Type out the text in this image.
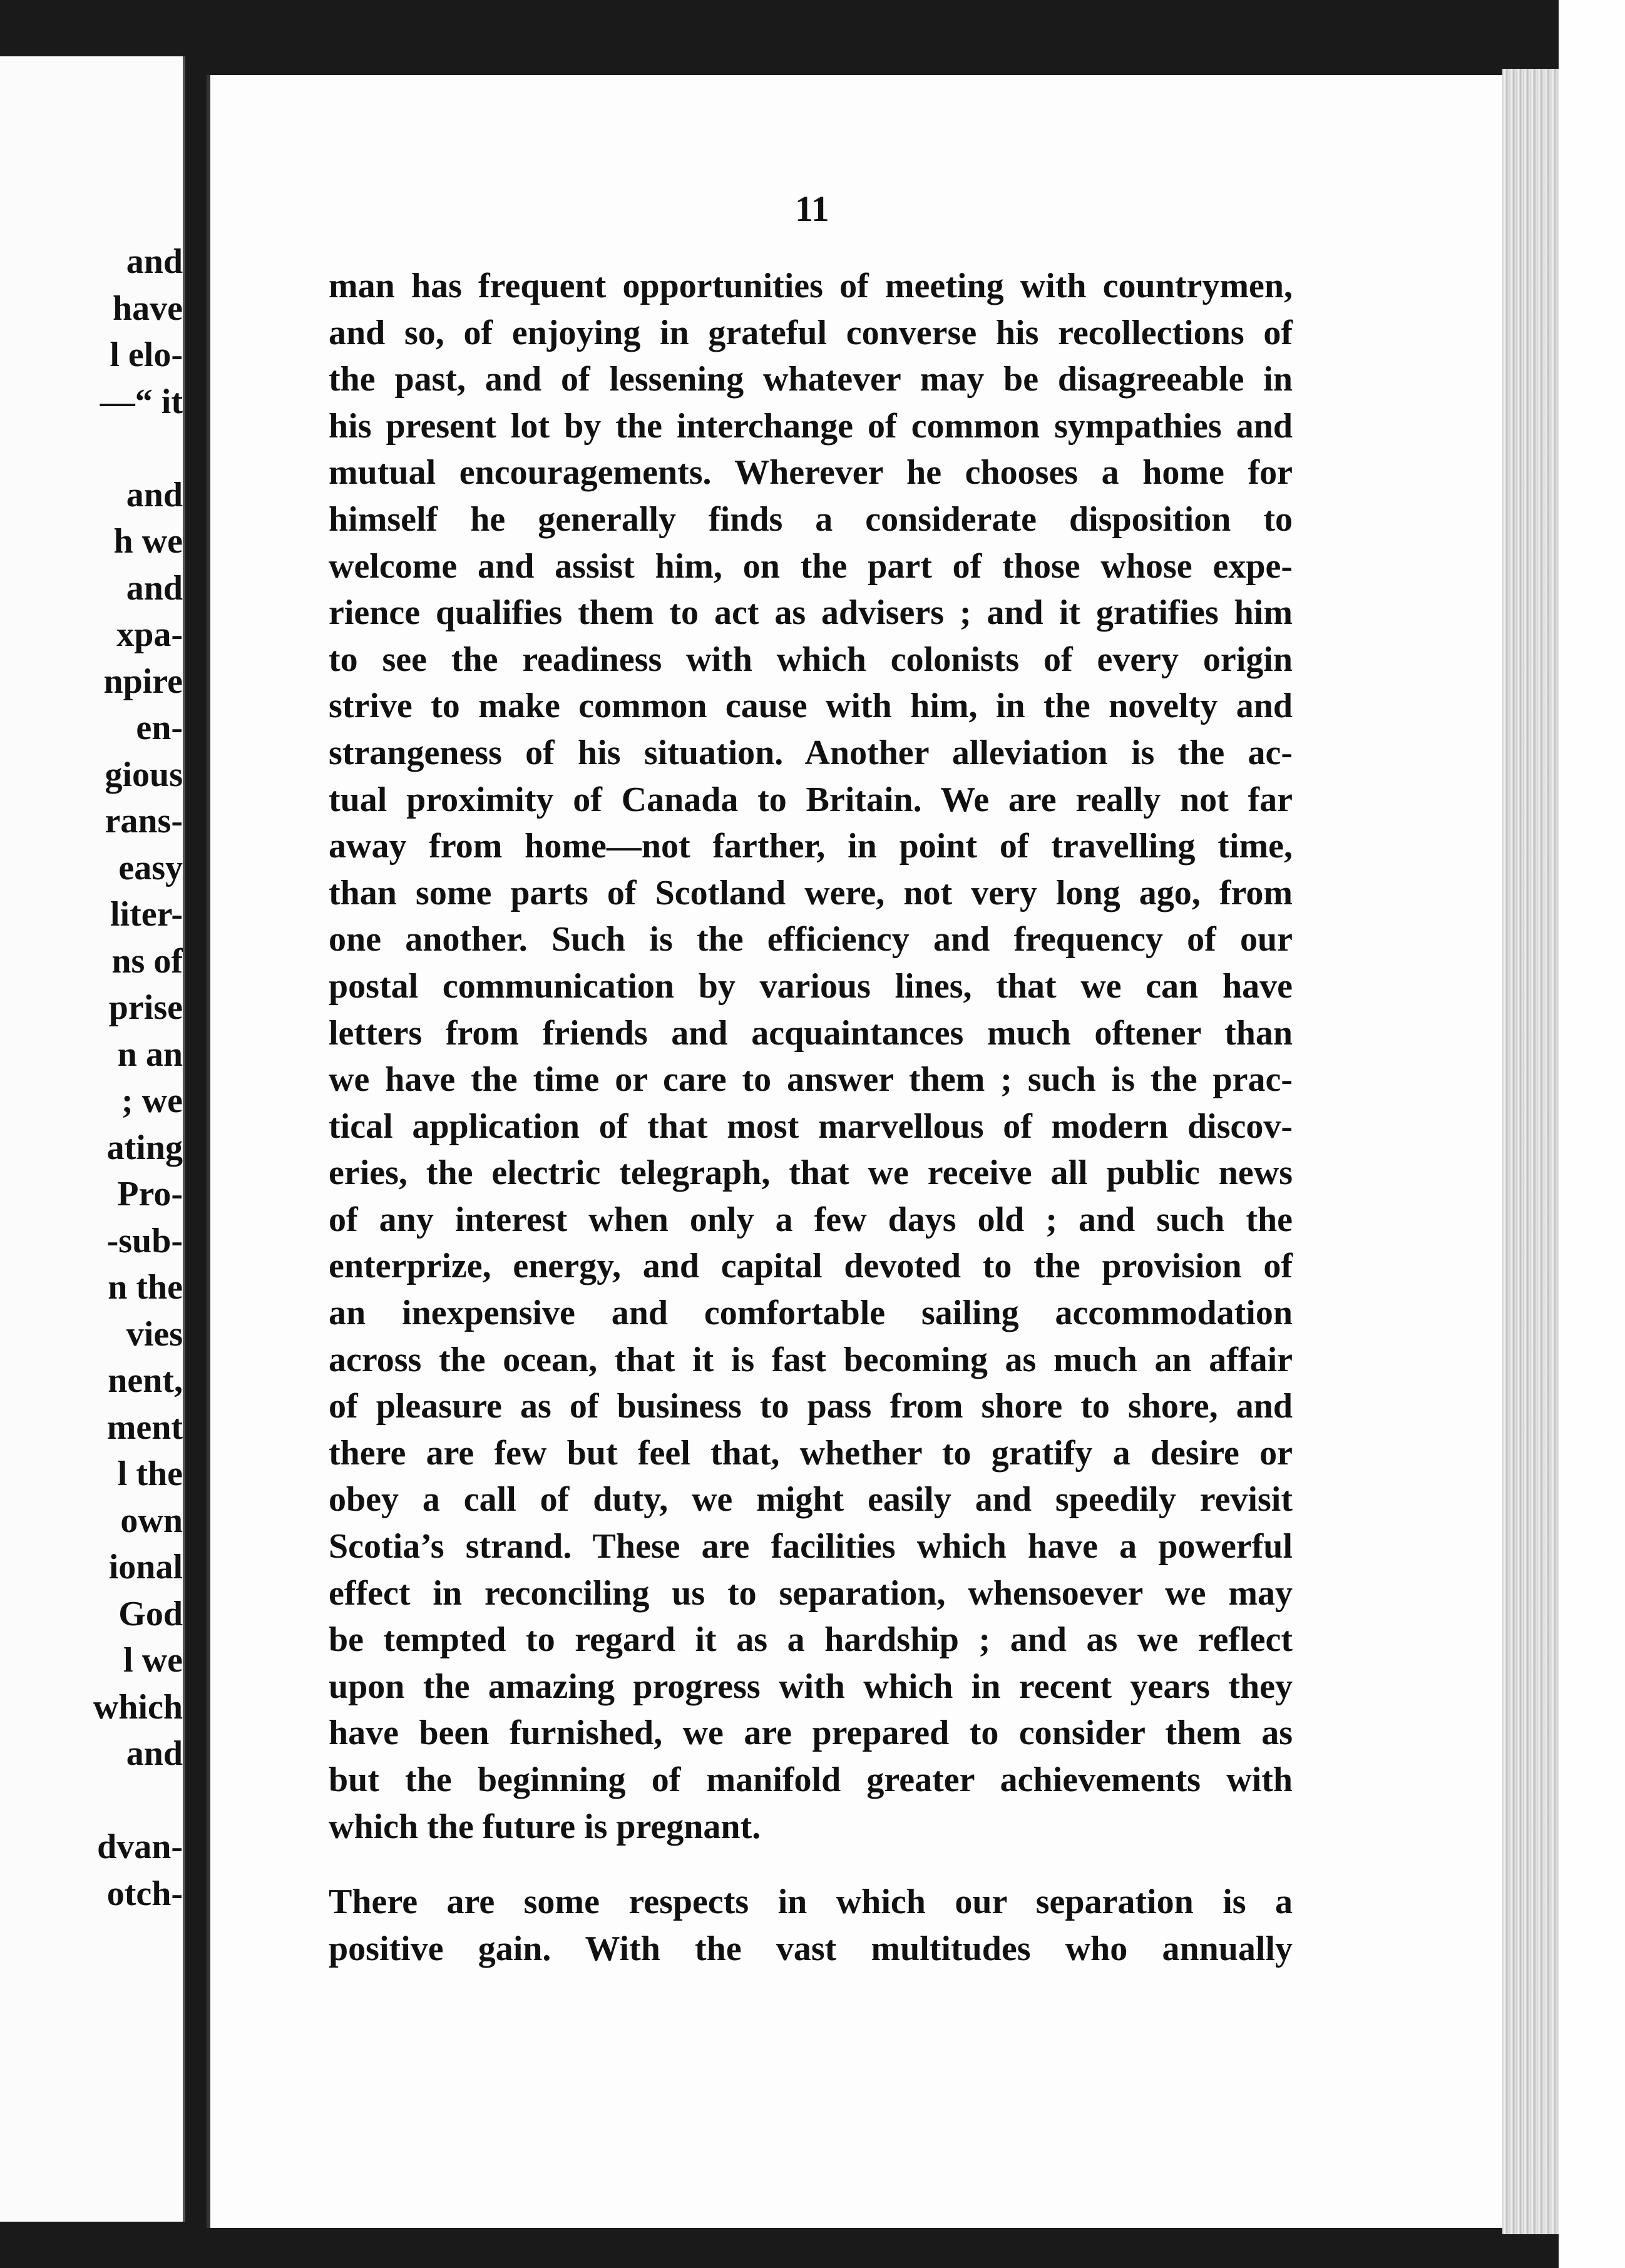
and
have
l elo-
—“ it
and
h we
and
xpa-
npire
en-
gious
rans-
easy
liter-
ns of
prise
n an
; we
ating
Pro-
-sub-
n the
vies
nent,
ment
l the
own
ional
God
l we
which
and
dvan-
otch-
11
man has frequent opportunities of meeting with countrymen,
and so, of enjoying in grateful converse his recollections of
the past, and of lessening whatever may be disagreeable in
his present lot by the interchange of common sympathies and
mutual encouragements. Wherever he chooses a home for
himself he generally finds a considerate disposition to
welcome and assist him, on the part of those whose expe-
rience qualifies them to act as advisers ; and it gratifies him
to see the readiness with which colonists of every origin
strive to make common cause with him, in the novelty and
strangeness of his situation. Another alleviation is the ac-
tual proximity of Canada to Britain. We are really not far
away from home—not farther, in point of travelling time,
than some parts of Scotland were, not very long ago, from
one another. Such is the efficiency and frequency of our
postal communication by various lines, that we can have
letters from friends and acquaintances much oftener than
we have the time or care to answer them ; such is the prac-
tical application of that most marvellous of modern discov-
eries, the electric telegraph, that we receive all public news
of any interest when only a few days old ; and such the
enterprize, energy, and capital devoted to the provision of
an inexpensive and comfortable sailing accommodation
across the ocean, that it is fast becoming as much an affair
of pleasure as of business to pass from shore to shore, and
there are few but feel that, whether to gratify a desire or
obey a call of duty, we might easily and speedily revisit
Scotia’s strand. These are facilities which have a powerful
effect in reconciling us to separation, whensoever we may
be tempted to regard it as a hardship ; and as we reflect
upon the amazing progress with which in recent years they
have been furnished, we are prepared to consider them as
but the beginning of manifold greater achievements with
which the future is pregnant.
There are some respects in which our separation is a
positive gain. With the vast multitudes who annually
